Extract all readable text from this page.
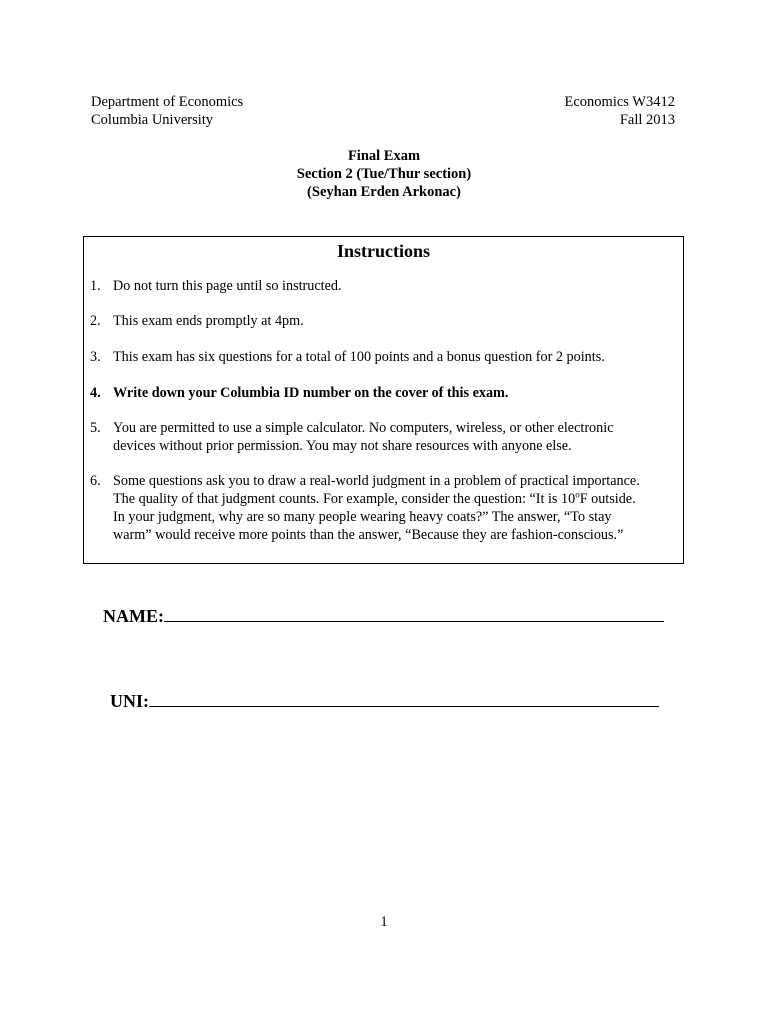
Department of Economics
Columbia University
Economics W3412
Fall 2013
Final Exam
Section 2 (Tue/Thur section)
(Seyhan Erden Arkonac)
Instructions
1. Do not turn this page until so instructed.
2. This exam ends promptly at 4pm.
3. This exam has six questions for a total of 100 points and a bonus question for 2 points.
4. Write down your Columbia ID number on the cover of this exam.
5. You are permitted to use a simple calculator. No computers, wireless, or other electronic
devices without prior permission. You may not share resources with anyone else.
6. Some questions ask you to draw a real-world judgment in a problem of practical importance.
The quality of that judgment counts. For example, consider the question: “It is 10$^o$F outside.
In your judgment, why are so many people wearing heavy coats?” The answer, “To stay
warm” would receive more points than the answer, “Because they are fashion-conscious.”
NAME:
UNI:
1
